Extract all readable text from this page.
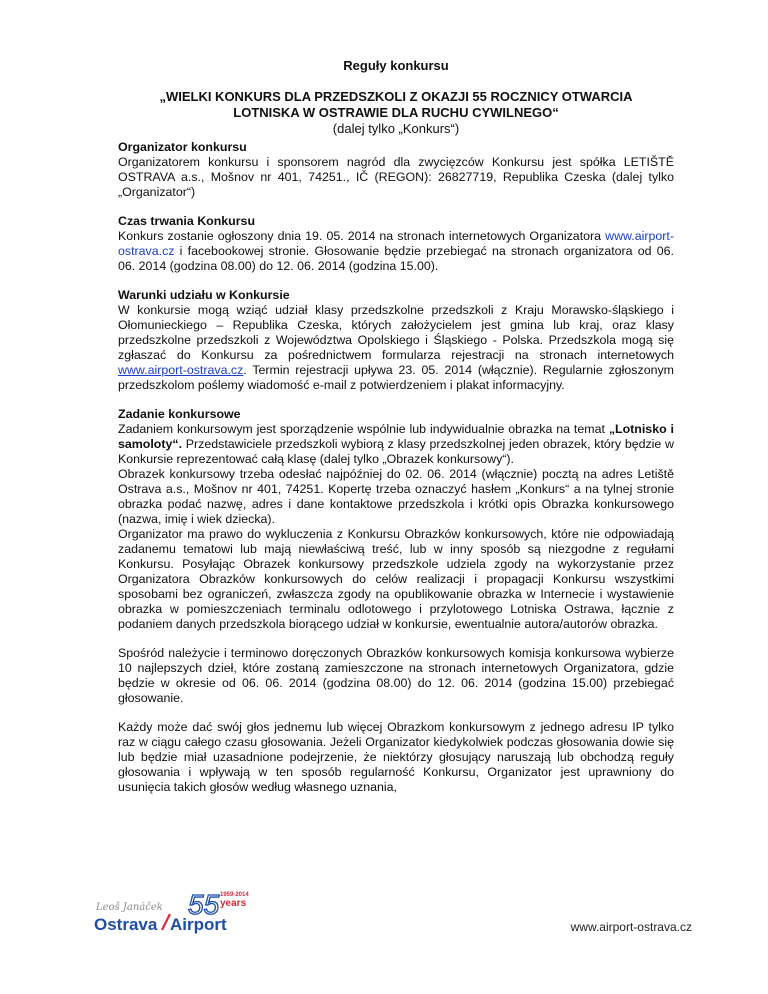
Reguły konkursu
„WIELKI KONKURS DLA PRZEDSZKOLI Z OKAZJI 55 ROCZNICY OTWARCIA
LOTNISKA W OSTRAWIE DLA RUCHU CYWILNEGO“
(dalej tylko „Konkurs“)
Organizator konkursu

Organizatorem konkursu i sponsorem nagród dla zwycięzców Konkursu jest spółka LETIŠTĚ OSTRAVA a.s., Mošnov nr 401, 74251., IČ (REGON): 26827719, Republika Czeska (dalej tylko „Organizator“)

Czas trwania Konkursu

Konkurs zostanie ogłoszony dnia 19. 05. 2014 na stronach internetowych Organizatora www.airport-ostrava.cz i facebookowej stronie. Głosowanie będzie przebiegać na stronach organizatora od 06. 06. 2014 (godzina 08.00) do 12. 06. 2014 (godzina 15.00).

Warunki udziału w Konkursie

W konkursie mogą wziąć udział klasy przedszkolne przedszkoli z Kraju Morawsko-śląskiego i Ołomunieckiego – Republika Czeska, których założycielem jest gmina lub kraj, oraz klasy przedszkolne przedszkoli z Województwa Opolskiego i Śląskiego - Polska. Przedszkola mogą się zgłaszać do Konkursu za pośrednictwem formularza rejestracji na stronach internetowych www.airport-ostrava.cz. Termin rejestracji upływa 23. 05. 2014 (włącznie). Regularnie zgłoszonym przedszkolom poślemy wiadomość e-mail z potwierdzeniem i plakat informacyjny.

Zadanie konkursowe

Zadaniem konkursowym jest sporządzenie wspólnie lub indywidualnie obrazka na temat „Lotnisko i samoloty“. Przedstawiciele przedszkoli wybiorą z klasy przedszkolnej jeden obrazek, który będzie w Konkursie reprezentować całą klasę (dalej tylko „Obrazek konkursowy“).

Obrazek konkursowy trzeba odesłać najpóźniej do 02. 06. 2014 (włącznie) pocztą na adres Letiště Ostrava a.s., Mošnov nr 401, 74251. Kopertę trzeba oznaczyć hasłem „Konkurs“ a na tylnej stronie obrazka podać nazwę, adres i dane kontaktowe przedszkola i krótki opis Obrazka konkursowego (nazwa, imię i wiek dziecka).

Organizator ma prawo do wykluczenia z Konkursu Obrazków konkursowych, które nie odpowiadają zadanemu tematowi lub mają niewłaściwą treść, lub w inny sposób są niezgodne z regułami Konkursu. Posyłając Obrazek konkursowy przedszkole udziela zgody na wykorzystanie przez Organizatora Obrazków konkursowych do celów realizacji i propagacji Konkursu wszystkimi sposobami bez ograniczeń, zwłaszcza zgody na opublikowanie obrazka w Internecie i wystawienie obrazka w pomieszczeniach terminalu odlotowego i przylotowego Lotniska Ostrawa, łącznie z podaniem danych przedszkola biorącego udział w konkursie, ewentualnie autora/autorów obrazka.

Spośród należycie i terminowo doręczonych Obrazków konkursowych komisja konkursowa wybierze 10 najlepszych dzieł, które zostaną zamieszczone na stronach internetowych Organizatora, gdzie będzie w okresie od 06. 06. 2014 (godzina 08.00) do 12. 06. 2014 (godzina 15.00) przebiegać głosowanie.

Każdy może dać swój głos jednemu lub więcej Obrazkom konkursowym z jednego adresu IP tylko raz w ciągu całego czasu głosowania. Jeżeli Organizator kiedykolwiek podczas głosowania dowie się lub będzie miał uzasadnione podejrzenie, że niektórzy głosujący naruszają lub obchodzą reguły głosowania i wpływają w ten sposób regularność Konkursu, Organizator jest uprawniony do usunięcia takich głosów według własnego uznania,

Leoš Janáček 55 1959-2014
years
Ostrava Airport	www.airport-ostrava.cz
